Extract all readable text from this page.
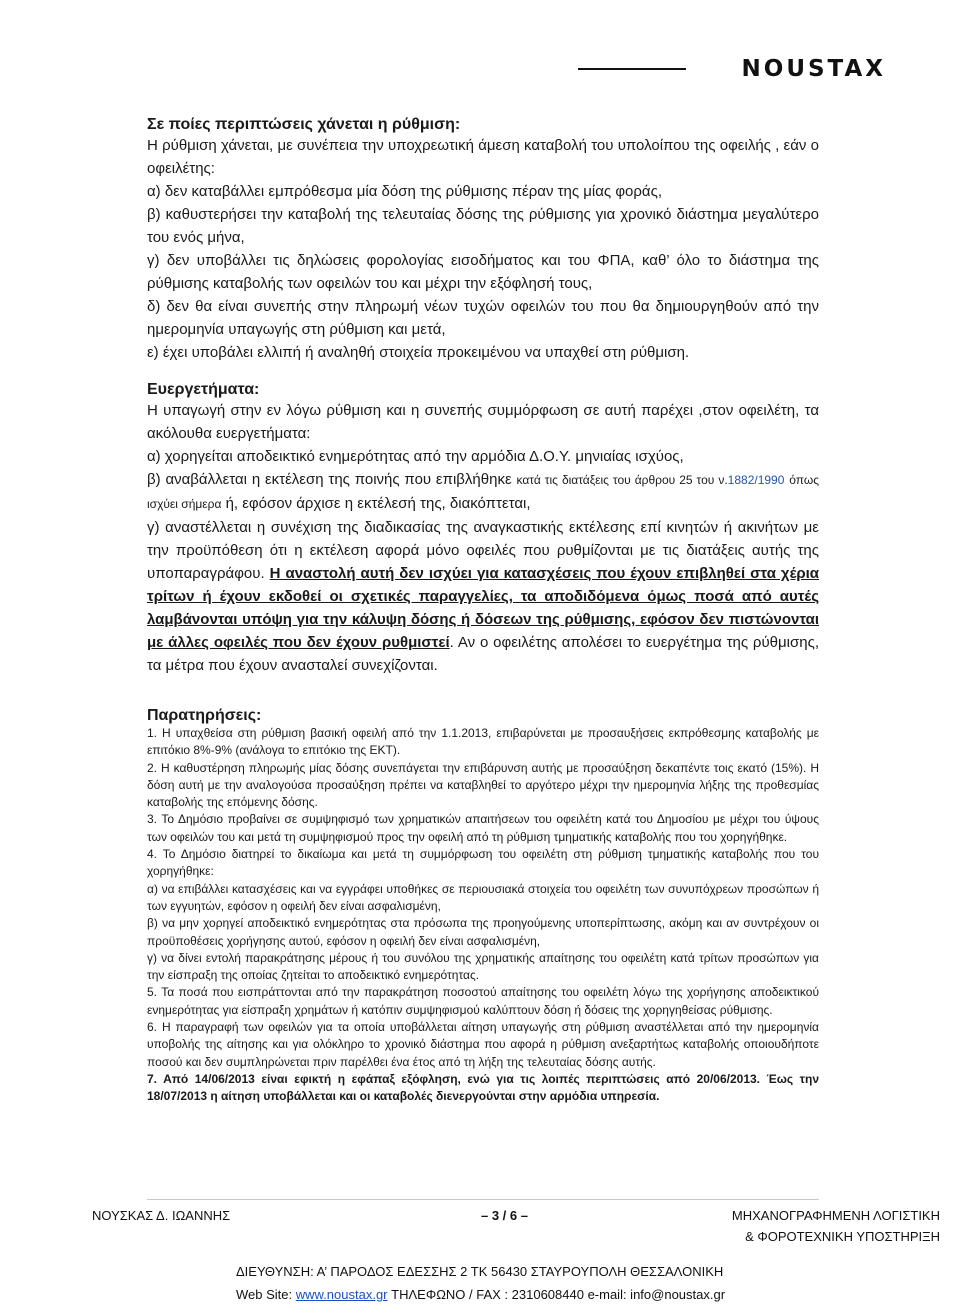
NOUSTAX

Σε ποίες περιπτώσεις χάνεται η ρύθμιση:

Η ρύθμιση χάνεται, με συνέπεια την υποχρεωτική άμεση καταβολή του υπολοίπου της οφειλής , εάν ο οφειλέτης:

α) δεν καταβάλλει εμπρόθεσμα μία δόση της ρύθμισης πέραν της μίας φοράς,

β) καθυστερήσει την καταβολή της τελευταίας δόσης της ρύθμισης για χρονικό διάστημα μεγαλύτερο του ενός μήνα,

γ) δεν υποβάλλει τις δηλώσεις φορολογίας εισοδήματος και του ΦΠΑ, καθ’ όλο το διάστημα της ρύθμισης καταβολής των οφειλών του και μέχρι την εξόφλησή τους,

δ) δεν θα είναι συνεπής στην πληρωμή νέων τυχών οφειλών του που θα δημιουργηθούν από την ημερομηνία υπαγωγής στη ρύθμιση και μετά,

ε) έχει υποβάλει ελλιπή ή αναληθή στοιχεία προκειμένου να υπαχθεί στη ρύθμιση.

Ευεργετήματα:

Η υπαγωγή στην εν λόγω ρύθμιση και η συνεπής συμμόρφωση σε αυτή παρέχει ,στον οφειλέτη, τα ακόλουθα ευεργετήματα:

α) χορηγείται αποδεικτικό ενημερότητας από την αρμόδια Δ.Ο.Υ. μηνιαίας ισχύος,

β) αναβάλλεται η εκτέλεση της ποινής που επιβλήθηκε κατά τις διατάξεις του άρθρου 25 του ν.1882/1990 όπως ισχύει σήμερα ή, εφόσον άρχισε η εκτέλεσή της, διακόπτεται,

γ) αναστέλλεται η συνέχιση της διαδικασίας της αναγκαστικής εκτέλεσης επί κινητών ή ακινήτων με την προϋπόθεση ότι η εκτέλεση αφορά μόνο οφειλές που ρυθμίζονται με τις διατάξεις αυτής της υποπαραγράφου. Η αναστολή αυτή δεν ισχύει για κατασχέσεις που έχουν επιβληθεί στα χέρια τρίτων ή έχουν εκδοθεί οι σχετικές παραγγελίες, τα αποδιδόμενα όμως ποσά από αυτές λαμβάνονται υπόψη για την κάλυψη δόσης ή δόσεων της ρύθμισης, εφόσον δεν πιστώνονται με άλλες οφειλές που δεν έχουν ρυθμιστεί. Αν ο οφειλέτης απολέσει το ευεργέτημα της ρύθμισης, τα μέτρα που έχουν ανασταλεί συνεχίζονται.

Παρατηρήσεις:

1. Η υπαχθείσα στη ρύθμιση βασική οφειλή από την 1.1.2013, επιβαρύνεται με προσαυξήσεις εκπρόθεσμης καταβολής με επιτόκιο 8%-9% (ανάλογα το επιτόκιο της ΕΚΤ).

2. Η καθυστέρηση πληρωμής μίας δόσης συνεπάγεται την επιβάρυνση αυτής με προσαύξηση δεκαπέντε τοις εκατό (15%). Η δόση αυτή με την αναλογούσα προσαύξηση πρέπει να καταβληθεί το αργότερο μέχρι την ημερομηνία λήξης της προθεσμίας καταβολής της επόμενης δόσης.

3. Το Δημόσιο προβαίνει σε συμψηφισμό των χρηματικών απαιτήσεων του οφειλέτη κατά του Δημοσίου με μέχρι του ύψους των οφειλών του και μετά τη συμψηφισμού προς την οφειλή από τη ρύθμιση τμηματικής καταβολής που του χορηγήθηκε.

4. Το Δημόσιο διατηρεί το δικαίωμα και μετά τη συμμόρφωση του οφειλέτη στη ρύθμιση τμηματικής καταβολής που του χορηγήθηκε:

α) να επιβάλλει κατασχέσεις και να εγγράφει υποθήκες σε περιουσιακά στοιχεία του οφειλέτη των συνυπόχρεων προσώπων ή των εγγυητών, εφόσον η οφειλή δεν είναι ασφαλισμένη,

β) να μην χορηγεί αποδεικτικό ενημερότητας στα πρόσωπα της προηγούμενης υποπερίπτωσης, ακόμη και αν συντρέχουν οι προϋποθέσεις χορήγησης αυτού, εφόσον η οφειλή δεν είναι ασφαλισμένη,

γ) να δίνει εντολή παρακράτησης μέρους ή του συνόλου της χρηματικής απαίτησης του οφειλέτη κατά τρίτων προσώπων για την είσπραξη της οποίας ζητείται το αποδεικτικό ενημερότητας.

5. Τα ποσά που εισπράττονται από την παρακράτηση ποσοστού απαίτησης του οφειλέτη λόγω της χορήγησης αποδεικτικού ενημερότητας για είσπραξη χρημάτων ή κατόπιν συμψηφισμού καλύπτουν δόση ή δόσεις της χορηγηθείσας ρύθμισης.

6. Η παραγραφή των οφειλών για τα οποία υποβάλλεται αίτηση υπαγωγής στη ρύθμιση αναστέλλεται από την ημερομηνία υποβολής της αίτησης και για ολόκληρο το χρονικό διάστημα που αφορά η ρύθμιση ανεξαρτήτως καταβολής οποιουδήποτε ποσού και δεν συμπληρώνεται πριν παρέλθει ένα έτος από τη λήξη της τελευταίας δόσης αυτής.

7. Από 14/06/2013 είναι εφικτή η εφάπαξ εξόφληση, ενώ για τις λοιπές περιπτώσεις από 20/06/2013. Έως την 18/07/2013 η αίτηση υποβάλλεται και οι καταβολές διενεργούνται στην αρμόδια υπηρεσία.

ΝΟΥΣΚΑΣ Δ. ΙΩΑΝΝΗΣ	– 3 / 6 –	ΜΗΧΑΝΟΓΡΑΦΗΜΕΝΗ ΛΟΓΙΣΤΙΚΗ
& ΦΟΡΟΤΕΧΝΙΚΗ ΥΠΟΣΤΗΡΙΞΗ
ΔΙΕΥΘΥΝΣΗ: Α’ ΠΑΡΟΔΟΣ ΕΔΕΣΣΗΣ 2 ΤΚ 56430 ΣΤΑΥΡΟΥΠΟΛΗ ΘΕΣΣΑΛΟΝΙΚΗ
Web Site: www.noustax.gr ΤΗΛΕΦΩΝΟ / FAX : 2310608440 e-mail: info@noustax.gr
